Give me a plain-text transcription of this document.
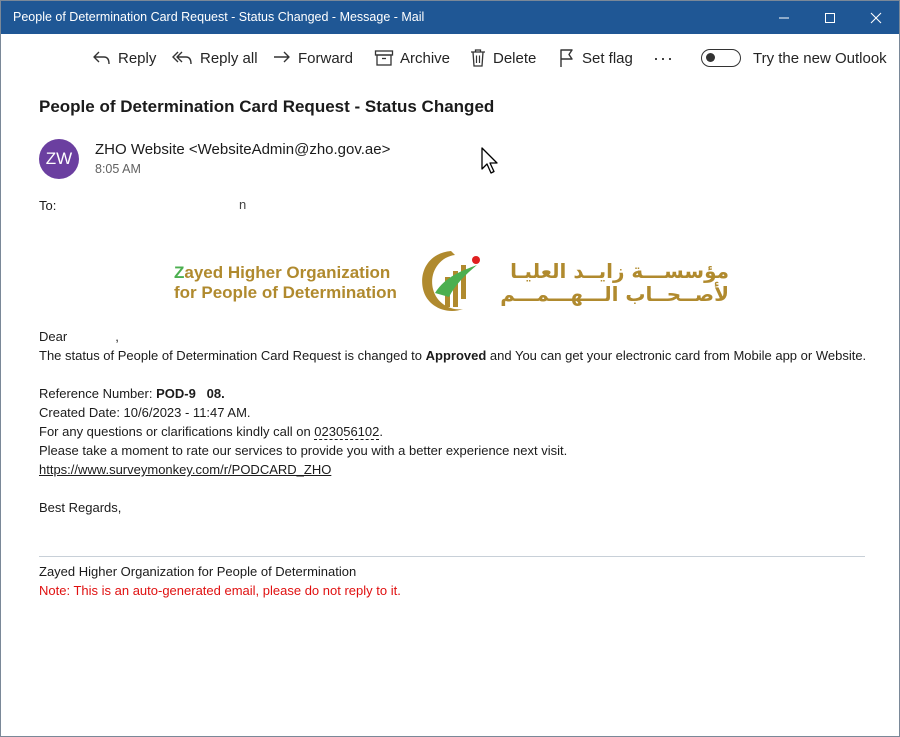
People of Determination Card Request - Status Changed - Message - Mail
Reply	Reply all	Forward	Archive	Delete	Set flag ···	Try the new Outlook
People of Determination Card Request - Status Changed
ZW ZHO Website <WebsiteAdmin@zho.gov.ae>
8:05 AM
To:	n
Zayed Higher Organization
for People of Determination
مؤسســـة زايــد العليـا
لأصــحــاب الـــهـــمـــم

Dear	,

The status of People of Determination Card Request is changed to Approved and You can get your electronic card from Mobile app or Website.

Reference Number: POD-9   08.

Created Date: 10/6/2023 - 11:47 AM.

For any questions or clarifications kindly call on 023056102.

Please take a moment to rate our services to provide you with a better experience next visit.

https://www.surveymonkey.com/r/PODCARD_ZHO

Best Regards,

Zayed Higher Organization for People of Determination
Note: This is an auto-generated email, please do not reply to it.
